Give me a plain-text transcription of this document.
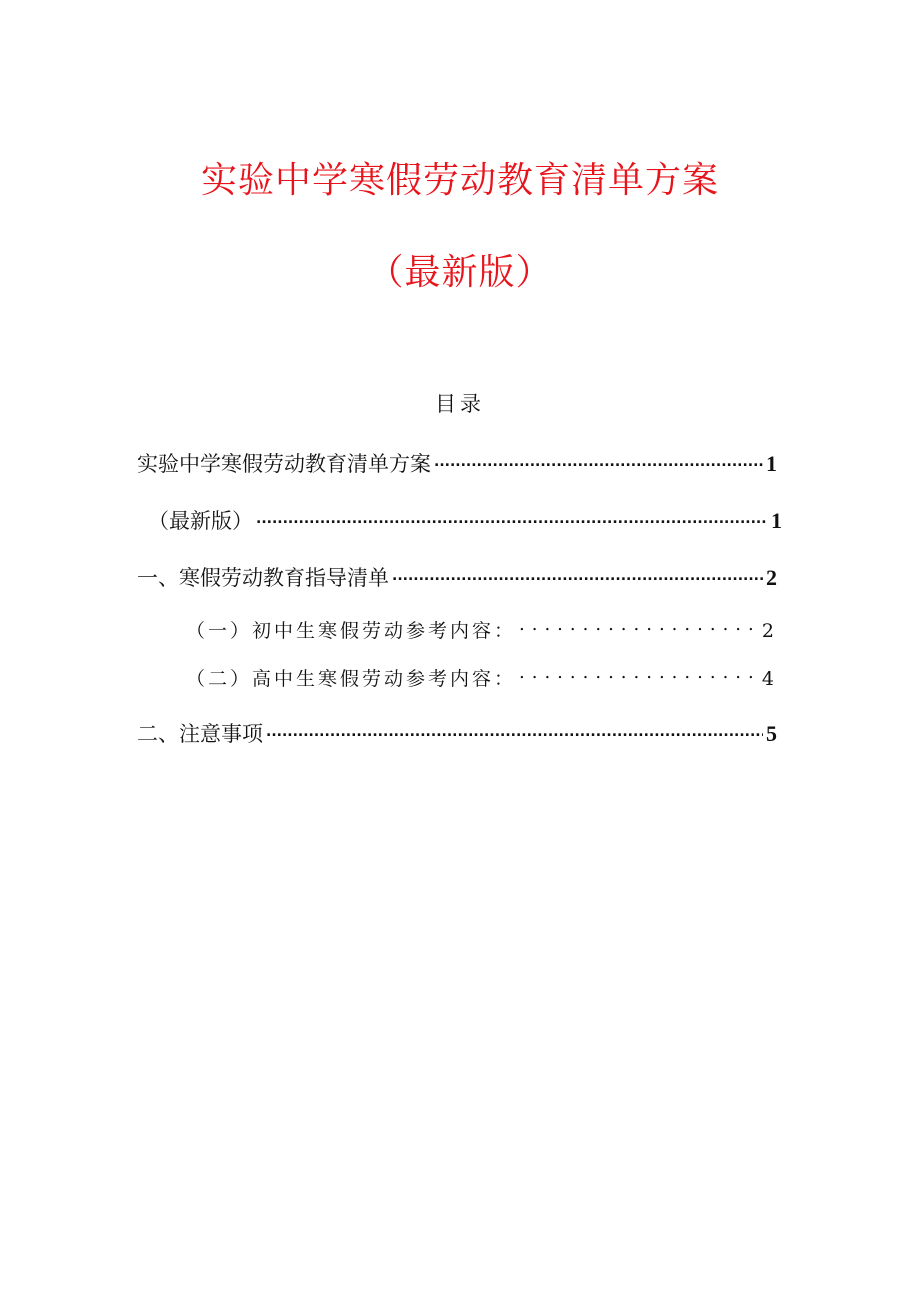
实验中学寒假劳动教育清单方案
（最新版）
目录
实验中学寒假劳动教育清单方案 .....	1
（最新版） .....	1
一、寒假劳动教育指导清单 .....	2
（一）初中生寒假劳动参考内容： .....	2
（二）高中生寒假劳动参考内容： .....	4
二、注意事项 .....	5
